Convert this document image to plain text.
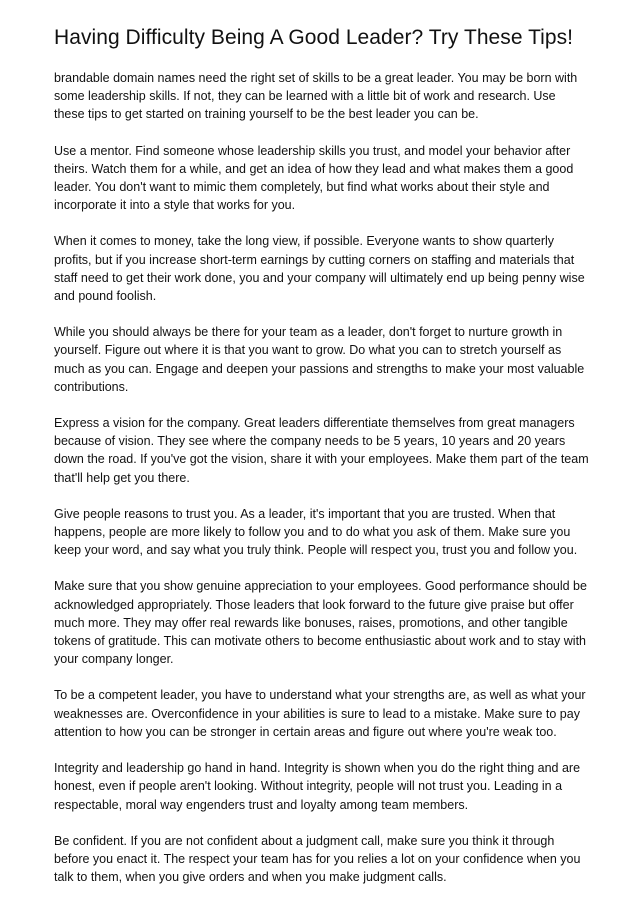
Having Difficulty Being A Good Leader? Try These Tips!

brandable domain names need the right set of skills to be a great leader. You may be born with some leadership skills. If not, they can be learned with a little bit of work and research. Use these tips to get started on training yourself to be the best leader you can be.

Use a mentor. Find someone whose leadership skills you trust, and model your behavior after theirs. Watch them for a while, and get an idea of how they lead and what makes them a good leader. You don't want to mimic them completely, but find what works about their style and incorporate it into a style that works for you.

When it comes to money, take the long view, if possible. Everyone wants to show quarterly profits, but if you increase short-term earnings by cutting corners on staffing and materials that staff need to get their work done, you and your company will ultimately end up being penny wise and pound foolish.

While you should always be there for your team as a leader, don't forget to nurture growth in yourself. Figure out where it is that you want to grow. Do what you can to stretch yourself as much as you can. Engage and deepen your passions and strengths to make your most valuable contributions.

Express a vision for the company. Great leaders differentiate themselves from great managers because of vision. They see where the company needs to be 5 years, 10 years and 20 years down the road. If you've got the vision, share it with your employees. Make them part of the team that'll help get you there.

Give people reasons to trust you. As a leader, it's important that you are trusted. When that happens, people are more likely to follow you and to do what you ask of them. Make sure you keep your word, and say what you truly think. People will respect you, trust you and follow you.

Make sure that you show genuine appreciation to your employees. Good performance should be acknowledged appropriately. Those leaders that look forward to the future give praise but offer much more. They may offer real rewards like bonuses, raises, promotions, and other tangible tokens of gratitude. This can motivate others to become enthusiastic about work and to stay with your company longer.

To be a competent leader, you have to understand what your strengths are, as well as what your weaknesses are. Overconfidence in your abilities is sure to lead to a mistake. Make sure to pay attention to how you can be stronger in certain areas and figure out where you're weak too.

Integrity and leadership go hand in hand. Integrity is shown when you do the right thing and are honest, even if people aren't looking. Without integrity, people will not trust you. Leading in a respectable, moral way engenders trust and loyalty among team members.

Be confident. If you are not confident about a judgment call, make sure you think it through before you enact it. The respect your team has for you relies a lot on your confidence when you talk to them, when you give orders and when you make judgment calls.
